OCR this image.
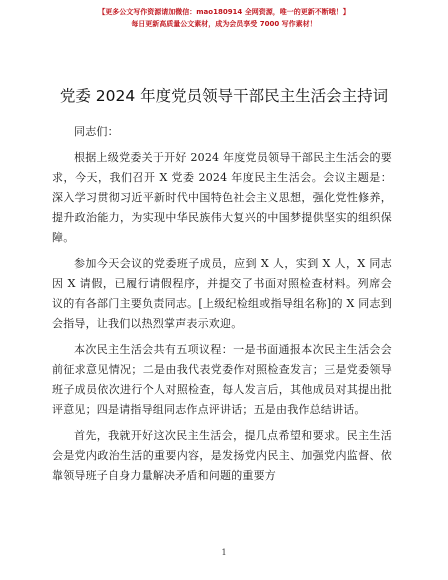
【更多公文写作资源请加微信：mao180914 全网资源，唯一的更新不断哦！】
每日更新高质量公文素材，成为会员享受 7000 写作素材！
党委 2024 年度党员领导干部民主生活会主持词

同志们：

根据上级党委关于开好 2024 年度党员领导干部民主生活会的要求，今天，我们召开 X 党委 2024 年度民主生活会。会议主题是：深入学习贯彻习近平新时代中国特色社会主义思想，强化党性修养，提升政治能力，为实现中华民族伟大复兴的中国梦提供坚实的组织保障。

参加今天会议的党委班子成员，应到 X 人，实到 X 人，X 同志因 X 请假，已履行请假程序，并提交了书面对照检查材料。列席会议的有各部门主要负责同志。[上级纪检组或指导组名称]的 X 同志到会指导，让我们以热烈掌声表示欢迎。

本次民主生活会共有五项议程：一是书面通报本次民主生活会会前征求意见情况；二是由我代表党委作对照检查发言；三是党委领导班子成员依次进行个人对照检查，每人发言后，其他成员对其提出批评意见；四是请指导组同志作点评讲话；五是由我作总结讲话。

首先，我就开好这次民主生活会，提几点希望和要求。民主生活会是党内政治生活的重要内容，是发扬党内民主、加强党内监督、依靠领导班子自身力量解决矛盾和问题的重要方

1
